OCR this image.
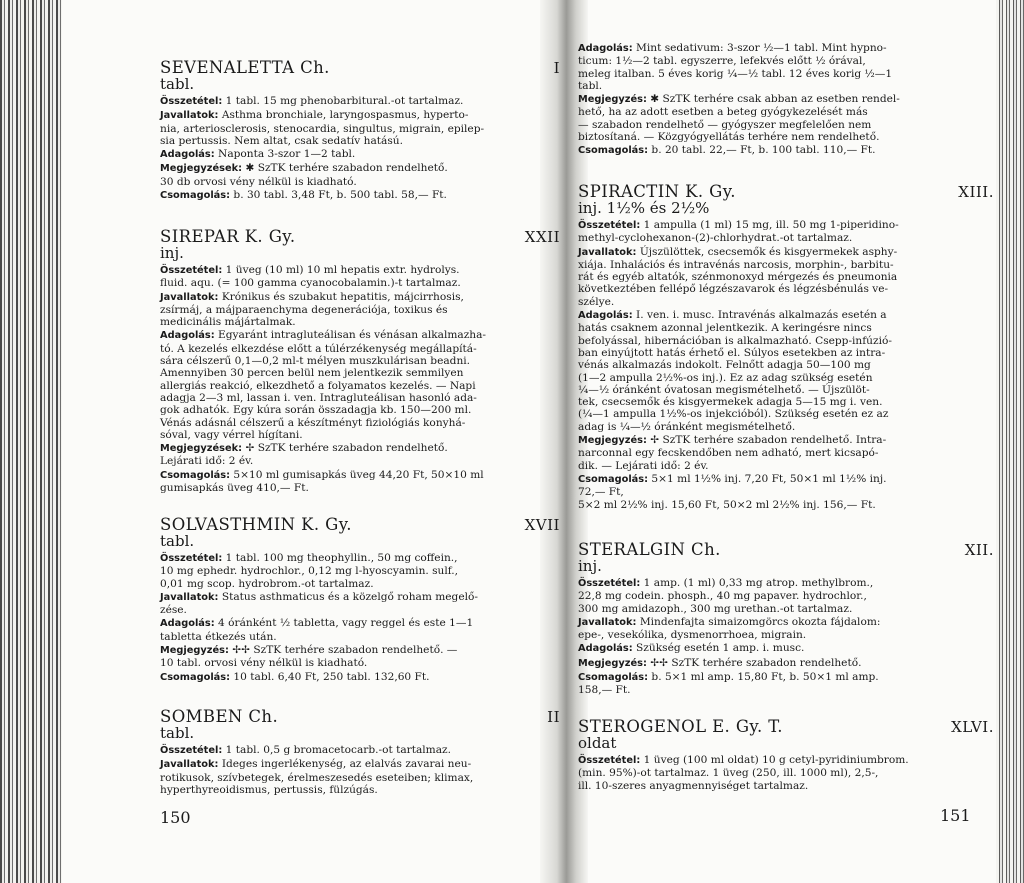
SEVENALETTA Ch.	I
tabl.
Összetétel: 1 tabl. 15 mg phenobarbitural.-ot tartalmaz.
Javallatok: Asthma bronchiale, laryngospasmus, hyperto-
nia, arteriosclerosis, stenocardia, singultus, migrain, epilep-
sia pertussis. Nem altat, csak sedatív hatású.
Adagolás: Naponta 3-szor 1—2 tabl.
Megjegyzések: ✱ SzTK terhére szabadon rendelhető.
30 db orvosi vény nélkül is kiadható.
Csomagolás: b. 30 tabl. 3,48 Ft, b. 500 tabl. 58,— Ft.
SIREPAR K. Gy.	XXII
inj.
Összetétel: 1 üveg (10 ml) 10 ml hepatis extr. hydrolys.
fluid. aqu. (= 100 gamma cyanocobalamin.)-t tartalmaz.
Javallatok: Krónikus és szubakut hepatitis, májcirrhosis,
zsírmáj, a májparaenchyma degenerációja, toxikus és
medicinális májártalmak.
Adagolás: Egyaránt intragluteálisan és vénásan alkalmazha-
tó. A kezelés elkezdése előtt a túlérzékenység megállapítá-
sára célszerű 0,1—0,2 ml-t mélyen muszkulárisan beadni.
Amennyiben 30 percen belül nem jelentkezik semmilyen
allergiás reakció, elkezdhető a folyamatos kezelés. — Napi
adagja 2—3 ml, lassan i. ven. Intragluteálisan hasonló ada-
gok adhatók. Egy kúra során összadagja kb. 150—200 ml.
Vénás adásnál célszerű a készítményt fiziológiás konyhá-
sóval, vagy vérrel hígítani.
Megjegyzések: ✢ SzTK terhére szabadon rendelhető.
Lejárati idő: 2 év.
Csomagolás: 5×10 ml gumisapkás üveg 44,20 Ft, 50×10 ml
gumisapkás üveg 410,— Ft.
SOLVASTHMIN K. Gy.	XVII
tabl.
Összetétel: 1 tabl. 100 mg theophyllin., 50 mg coffein.,
10 mg ephedr. hydrochlor., 0,12 mg l-hyoscyamin. sulf.,
0,01 mg scop. hydrobrom.-ot tartalmaz.
Javallatok: Status asthmaticus és a közelgő roham megelő-
zése.
Adagolás: 4 óránként ½ tabletta, vagy reggel és este 1—1
tabletta étkezés után.
Megjegyzés: ✢✢ SzTK terhére szabadon rendelhető. —
10 tabl. orvosi vény nélkül is kiadható.
Csomagolás: 10 tabl. 6,40 Ft, 250 tabl. 132,60 Ft.
SOMBEN Ch.	II
tabl.
Összetétel: 1 tabl. 0,5 g bromacetocarb.-ot tartalmaz.
Javallatok: Ideges ingerlékenység, az elalvás zavarai neu-
rotikusok, szívbetegek, érelmeszesedés eseteiben; klimax,
hyperthyreoidismus, pertussis, fülzúgás.
150
Adagolás: Mint sedativum: 3-szor ½—1 tabl. Mint hypno-
ticum: 1½—2 tabl. egyszerre, lefekvés előtt ½ órával,
meleg italban. 5 éves korig ¼—½ tabl. 12 éves korig ½—1
tabl.
Megjegyzés: ✱ SzTK terhére csak abban az esetben rendel-
hető, ha az adott esetben a beteg gyógykezelését más
— szabadon rendelhető — gyógyszer megfelelően nem
biztosítaná. — Közgyógyellátás terhére nem rendelhető.
Csomagolás: b. 20 tabl. 22,— Ft, b. 100 tabl. 110,— Ft.
SPIRACTIN K. Gy.	XIII.
inj. 1½% és 2½%
Összetétel: 1 ampulla (1 ml) 15 mg, ill. 50 mg 1-piperidino-
methyl-cyclohexanon-(2)-chlorhydrat.-ot tartalmaz.
Javallatok: Újszülöttek, csecsemők és kisgyermekek asphy-
xiája. Inhalációs és intravénás narcosis, morphin-, barbitu-
rát és egyéb altatók, szénmonoxyd mérgezés és pneumonia
következtében fellépő légzészavarok és légzésbénulás ve-
szélye.
Adagolás: I. ven. i. musc. Intravénás alkalmazás esetén a
hatás csaknem azonnal jelentkezik. A keringésre nincs
befolyással, hibernációban is alkalmazható. Csepp-infúzió-
ban einyújtott hatás érhető el. Súlyos esetekben az intra-
vénás alkalmazás indokolt. Felnőtt adagja 50—100 mg
(1—2 ampulla 2½%-os inj.). Ez az adag szükség esetén
¼—½ óránként óvatosan megismételhető. — Újszülöt-
tek, csecsemők és kisgyermekek adagja 5—15 mg i. ven.
(¼—1 ampulla 1½%-os injekcióból). Szükség esetén ez az
adag is ¼—½ óránként megismételhető.
Megjegyzés: ✢ SzTK terhére szabadon rendelhető. Intra-
narconnal egy fecskendőben nem adható, mert kicsapó-
dik. — Lejárati idő: 2 év.
Csomagolás: 5×1 ml 1½% inj. 7,20 Ft, 50×1 ml 1½% inj.
72,— Ft,
5×2 ml 2½% inj. 15,60 Ft, 50×2 ml 2½% inj. 156,— Ft.
STERALGIN Ch.	XII.
inj.
Összetétel: 1 amp. (1 ml) 0,33 mg atrop. methylbrom.,
22,8 mg codein. phosph., 40 mg papaver. hydrochlor.,
300 mg amidazoph., 300 mg urethan.-ot tartalmaz.
Javallatok: Mindenfajta simaizomgörcs okozta fájdalom:
epe-, vesekólika, dysmenorrhoea, migrain.
Adagolás: Szükség esetén 1 amp. i. musc.
Megjegyzés: ✢✢ SzTK terhére szabadon rendelhető.
Csomagolás: b. 5×1 ml amp. 15,80 Ft, b. 50×1 ml amp.
158,— Ft.
STEROGENOL E. Gy. T.	XLVI.
oldat
Összetétel: 1 üveg (100 ml oldat) 10 g cetyl-pyridiniumbrom.
(min. 95%)-ot tartalmaz. 1 üveg (250, ill. 1000 ml), 2,5-,
ill. 10-szeres anyagmennyiséget tartalmaz.
151
